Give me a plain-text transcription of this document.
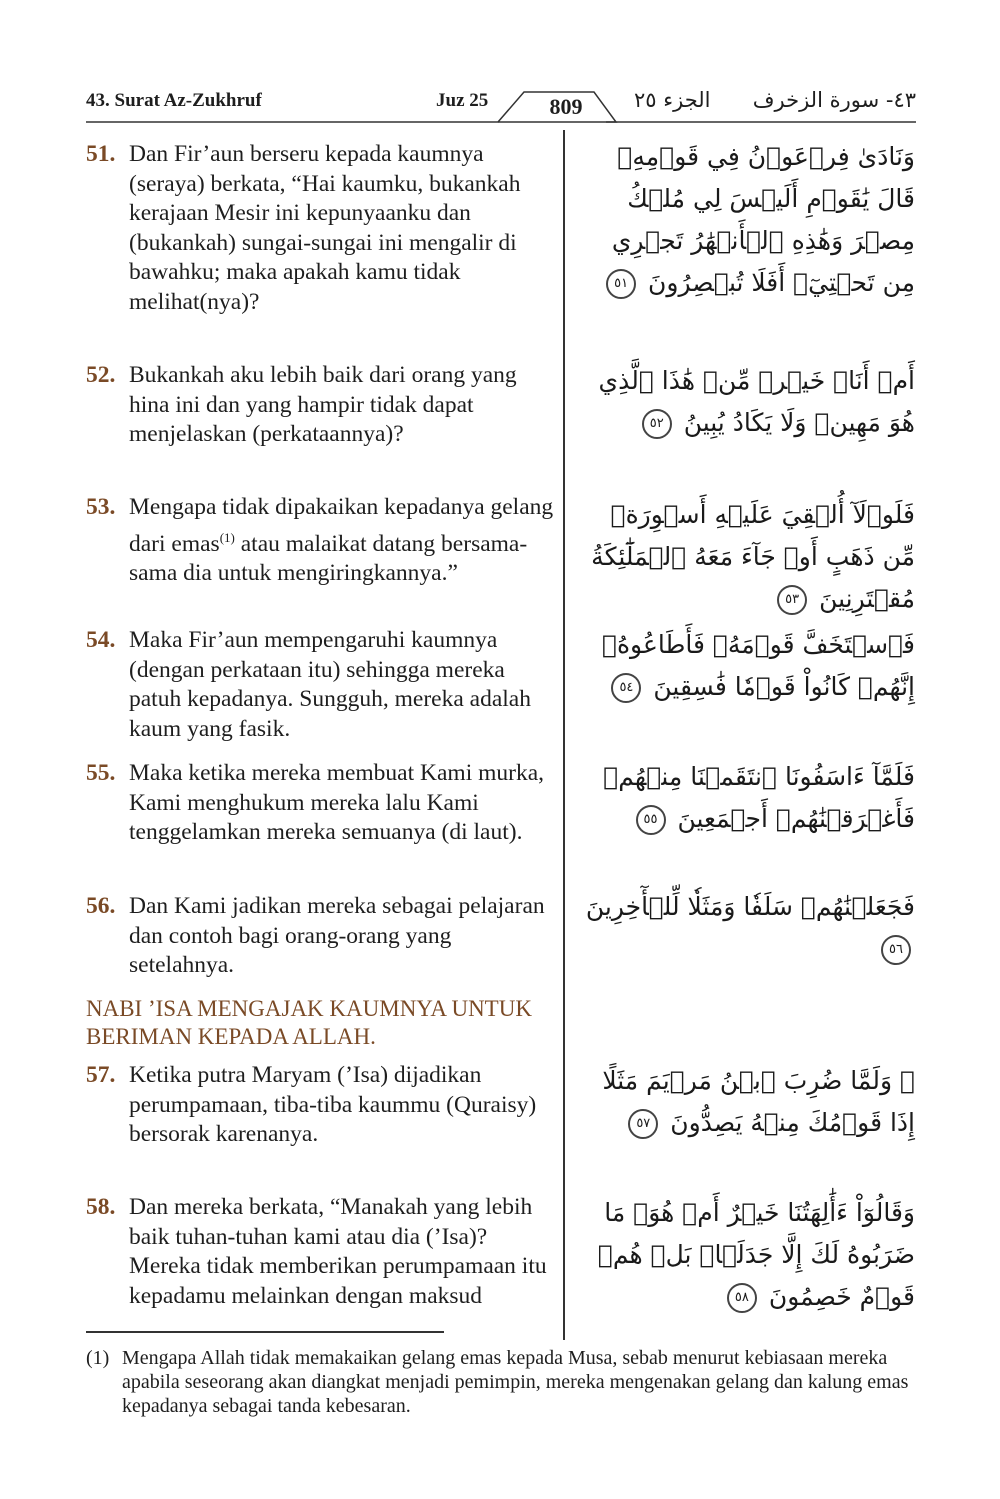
43. Surat Az-Zukhruf	Juz 25	809	الجزء ٢٥ ٤٣- سورة الزخرف
51. Dan Fir’aun berseru kepada kaumnya (seraya) berkata, “Hai kaumku, bukankah kerajaan Mesir ini kepunyaanku dan (bukankah) sungai-sungai ini mengalir di bawahku; maka apakah kamu tidak melihat(nya)?
وَنَادَىٰ فِرۡعَوۡنُ فِي قَوۡمِهِۦ قَالَ يَٰقَوۡمِ أَلَيۡسَ لِي مُلۡكُ مِصۡرَ وَهَٰذِهِ ٱلۡأَنۡهَٰرُ تَجۡرِي مِن تَحۡتِيٓۚ أَفَلَا تُبۡصِرُونَ ٥١
52. Bukankah aku lebih baik dari orang yang hina ini dan yang hampir tidak dapat menjelaskan (perkataannya)?
أَمۡ أَنَا۠ خَيۡرٞ مِّنۡ هَٰذَا ٱلَّذِي هُوَ مَهِينٞ وَلَا يَكَادُ يُبِينُ ٥٢
53. Mengapa tidak dipakaikan kepadanya gelang dari emas$^{(1)}$ atau malaikat datang bersama-sama dia untuk mengiringkannya.”
فَلَوۡلَآ أُلۡقِيَ عَلَيۡهِ أَسۡوِرَةٞ مِّن ذَهَبٍ أَوۡ جَآءَ مَعَهُ ٱلۡمَلَٰٓئِكَةُ مُقۡتَرِنِينَ ٥٣
54. Maka Fir’aun mempengaruhi kaumnya (dengan perkataan itu) sehingga mereka patuh kepadanya. Sungguh, mereka adalah kaum yang fasik.
فَٱسۡتَخَفَّ قَوۡمَهُۥ فَأَطَاعُوهُۚ إِنَّهُمۡ كَانُواْ قَوۡمٗا فَٰسِقِينَ ٥٤
55. Maka ketika mereka membuat Kami murka, Kami menghukum mereka lalu Kami tenggelamkan mereka semuanya (di laut).
فَلَمَّآ ءَاسَفُونَا ٱنتَقَمۡنَا مِنۡهُمۡ فَأَغۡرَقۡنَٰهُمۡ أَجۡمَعِينَ ٥٥
56. Dan Kami jadikan mereka sebagai pelajaran dan contoh bagi orang-orang yang setelahnya.
فَجَعَلۡنَٰهُمۡ سَلَفٗا وَمَثَلٗا لِّلۡأٓخِرِينَ ٥٦
NABI ’ISA MENGAJAK KAUMNYA UNTUK BERIMAN KEPADA ALLAH.
57. Ketika putra Maryam (’Isa) dijadikan perumpamaan, tiba-tiba kaummu (Quraisy) bersorak karenanya.
۞ وَلَمَّا ضُرِبَ ٱبۡنُ مَرۡيَمَ مَثَلًا إِذَا قَوۡمُكَ مِنۡهُ يَصِدُّونَ ٥٧
58. Dan mereka berkata, “Manakah yang lebih baik tuhan-tuhan kami atau dia (’Isa)? Mereka tidak memberikan perumpamaan itu kepadamu melainkan dengan maksud
وَقَالُوٓاْ ءَأَٰلِهَتُنَا خَيۡرٌ أَمۡ هُوَۚ مَا ضَرَبُوهُ لَكَ إِلَّا جَدَلَۢاۚ بَلۡ هُمۡ قَوۡمٌ خَصِمُونَ ٥٨
(1) Mengapa Allah tidak memakaikan gelang emas kepada Musa, sebab menurut kebiasaan mereka apabila seseorang akan diangkat menjadi pemimpin, mereka mengenakan gelang dan kalung emas kepadanya sebagai tanda kebesaran.
